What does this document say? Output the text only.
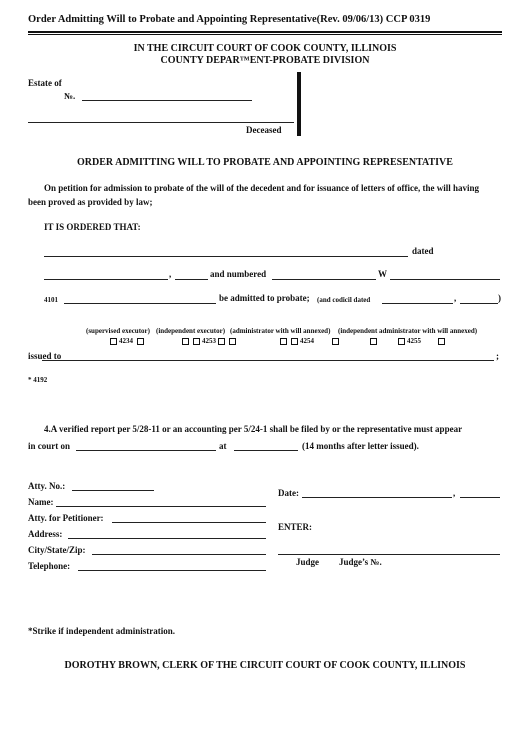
Order Admitting Will to Probate and Appointing Representative(Rev. 09/06/13) CCP 0319
IN THE CIRCUIT COURT OF COOK COUNTY, ILLINOIS
COUNTY DEPAR™ENT-PROBATE DIVISION
Estate of
№.
Deceased
ORDER ADMITTING WILL TO PROBATE AND APPOINTING REPRESENTATIVE
On petition for admission to probate of the will of the decedent and for issuance of letters of office, the will having
been proved as provided by law;
IT IS ORDERED THAT:
dated
,	and numbered	W
4101	be admitted to probate; (and codicil dated	,	)
(supervised executor) (independent executor) (administrator with will annexed) (independent administrator with will annexed)
4234	4253	4254	4255
issued to	;
* 4192
4.A verified report per 5/28-11 or an accounting per 5/24-1 shall be filed by or the representative must appear
in court on	at	(14 months after letter issued).
Atty. No.:
Name:
Atty. for Petitioner:
Address:
City/State/Zip:
Telephone:
Date:	,
ENTER:
Judge Judge’s №.
*Strike if independent administration.
DOROTHY BROWN, CLERK OF THE CIRCUIT COURT OF COOK COUNTY, ILLINOIS
